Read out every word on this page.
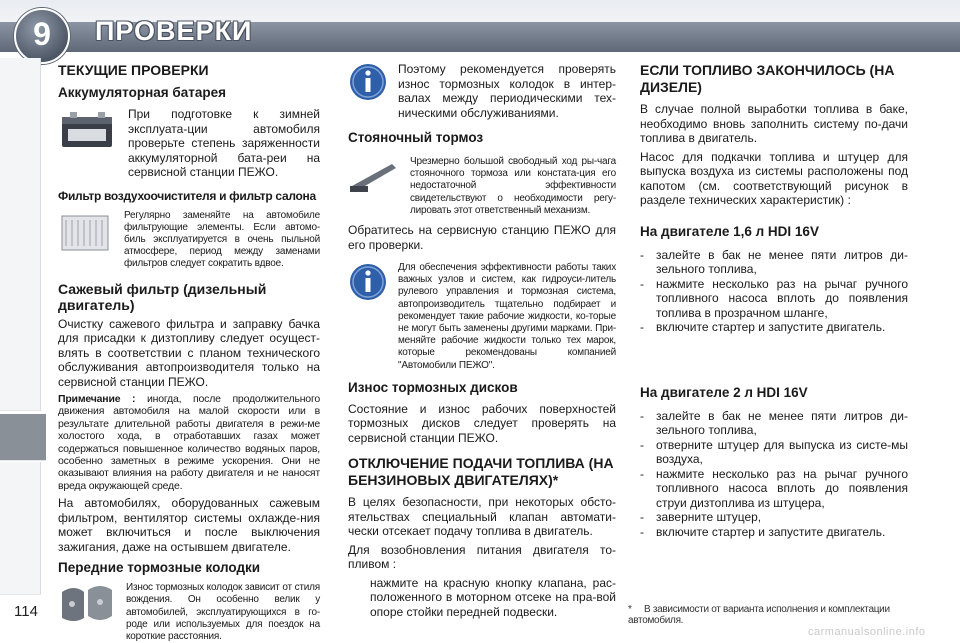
9	ПРОВЕРКИ
114
ТЕКУЩИЕ ПРОВЕРКИ
Аккумуляторная батарея
При подготовке к зимней эксплуата-ции автомобиля проверьте степень заряженности аккумуляторной бата-реи на сервисной станции ПЕЖО.
Фильтр воздухоочистителя и фильтр салона
Регулярно заменяйте на автомобиле фильтрующие элементы. Если автомо-биль эксплуатируется в очень пыльной атмосфере, период между заменами фильтров следует сократить вдвое.
Сажевый фильтр (дизельный двигатель)
Очистку сажевого фильтра и заправку бачка для присадки к дизтопливу следует осущест-влять в соответствии с планом технического обслуживания автопроизводителя только на сервисной станции ПЕЖО.
Примечание : иногда, после продолжительного движения автомобиля на малой скорости или в результате длительной работы двигателя в режи-ме холостого хода, в отработавших газах может содержаться повышенное количество водяных паров, особенно заметных в режиме ускорения. Они не оказывают влияния на работу двигателя и не наносят вреда окружающей среде.
На автомобилях, оборудованных сажевым фильтром, вентилятор системы охлажде-ния может включиться и после выключения зажигания, даже на остывшем двигателе.
Передние тормозные колодки
Износ тормозных колодок зависит от стиля вождения. Он особенно велик у автомобилей, эксплуатирующихся в го-роде или используемых для поездок на короткие расстояния.
Поэтому рекомендуется проверять износ тормозных колодок в интер-валах между периодическими тех-ническими обслуживаниями.
Стояночный тормоз
Чрезмерно большой свободный ход ры-чага стояночного тормоза или констата-ция его недостаточной эффективности свидетельствуют о необходимости регу-лировать этот ответственный механизм.
Обратитесь на сервисную станцию ПЕЖО для его проверки.
Для обеспечения эффективности работы таких важных узлов и систем, как гидроуси-литель рулевого управления и тормозная система, автопроизводитель тщательно подбирает и рекомендует такие рабочие жидкости, ко-торые не могут быть заменены другими марками. При-меняйте рабочие жидкости только тех марок, которые рекомендованы компанией "Автомобили ПЕЖО".
Износ тормозных дисков
Состояние и износ рабочих поверхностей тормозных дисков следует проверять на сервисной станции ПЕЖО.
ОТКЛЮЧЕНИЕ ПОДАЧИ ТОПЛИВА (НА БЕНЗИНОВЫХ ДВИГАТЕЛЯХ)*
В целях безопасности, при некоторых обсто-ятельствах специальный клапан автомати-чески отсекает подачу топлива в двигатель.
Для возобновления питания двигателя то-пливом :
нажмите на красную кнопку клапана, рас-положенного в моторном отсеке на пра-вой опоре стойки передней подвески.
ЕСЛИ ТОПЛИВО ЗАКОНЧИЛОСЬ (НА ДИЗЕЛЕ)
В случае полной выработки топлива в баке, необходимо вновь заполнить систему по-дачи топлива в двигатель.
Насос для подкачки топлива и штуцер для выпуска воздуха из системы расположены под капотом (см. соответствующий рисунок в разделе технических характеристик) :
На двигателе 1,6 л HDI 16V
-	залейте в бак не менее пяти литров ди-зельного топлива,
-	нажмите несколько раз на рычаг ручного топливного насоса вплоть до появления топлива в прозрачном шланге,
-	включите стартер и запустите двигатель.
На двигателе 2 л HDI 16V
-	залейте в бак не менее пяти литров ди-зельного топлива,
-	отверните штуцер для выпуска из систе-мы воздуха,
-	нажмите несколько раз на рычаг ручного топливного насоса вплоть до появления струи дизтоплива из штуцера,
-	заверните штуцер,
-	включите стартер и запустите двигатель.
* В зависимости от варианта исполнения и комплектации автомобиля.
carmanualsonline.info
